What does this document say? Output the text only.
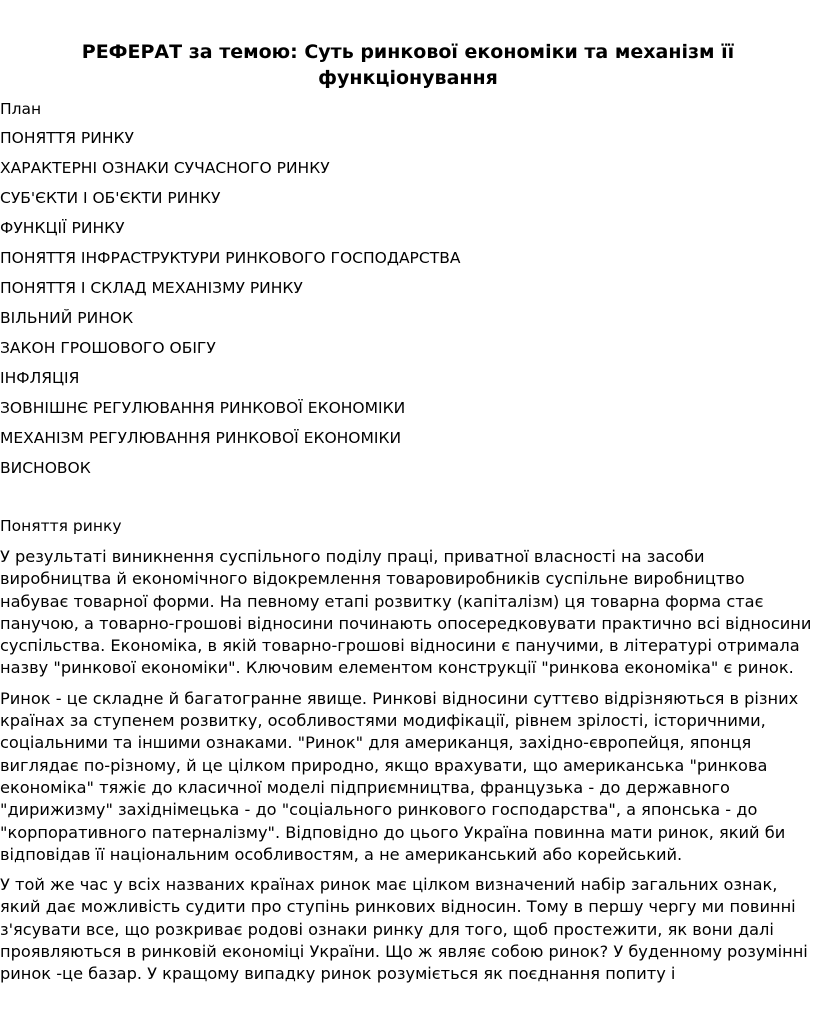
РЕФЕРАТ за темою: Суть ринкової економіки та механізм її функціонування

План

ПОНЯТТЯ РИНКУ
ХАРАКТЕРНІ ОЗНАКИ СУЧАСНОГО РИНКУ
СУБ'ЄКТИ І ОБ'ЄКТИ РИНКУ
ФУНКЦІЇ РИНКУ
ПОНЯТТЯ ІНФРАСТРУКТУРИ РИНКОВОГО ГОСПОДАРСТВА
ПОНЯТТЯ І СКЛАД МЕХАНІЗМУ РИНКУ
ВІЛЬНИЙ РИНОК
ЗАКОН ГРОШОВОГО ОБІГУ
ІНФЛЯЦІЯ
ЗОВНІШНЄ РЕГУЛЮВАННЯ РИНКОВОЇ ЕКОНОМІКИ
МЕХАНІЗМ РЕГУЛЮВАННЯ РИНКОВОЇ ЕКОНОМІКИ
ВИСНОВОК
Поняття ринку

У результаті виникнення суспільного поділу праці, приватної власності на засоби виробництва й економічного відокремлення товаровиробників суспільне виробництво набуває товарної форми. На певному етапі розвитку (капіталізм) ця товарна форма стає панучою, а товарно-грошові відносини починають опосередковувати практично всі відносини суспільства. Економіка, в якій товарно-грошові відносини є панучими, в літературі отримала назву "ринкової економіки". Ключовим елементом конструкції "ринкова економіка" є ринок.

Ринок - це складне й багатогранне явище. Ринкові відносини суттєво відрізняються в різних країнах за ступенем розвитку, особливостями модифікації, рівнем зрілості, історичними, соціальними та іншими ознаками. "Ринок" для американця, західно-європейця, японця виглядає по-різному, й це цілком природно, якщо врахувати, що американська "ринкова економіка" тяжіє до класичної моделі підприємництва, французька - до державного "дирижизму" західнімецька - до "соціального ринкового господарства", а японська - до "корпоративного патерналізму". Відповідно до цього Україна повинна мати ринок, який би відповідав її національним особливостям, а не американський або корейський.

У той же час у всіх названих країнах ринок має цілком визначений набір загальних ознак, який дає можливість судити про ступінь ринкових відносин. Тому в першу чергу ми повинні з'ясувати все, що розкриває родові ознаки ринку для того, щоб простежити, як вони далі проявляються в ринковій економіці України. Що ж являє собою ринок? У буденному розумінні ринок -це базар. У кращому випадку ринок розуміється як поєднання попиту і
